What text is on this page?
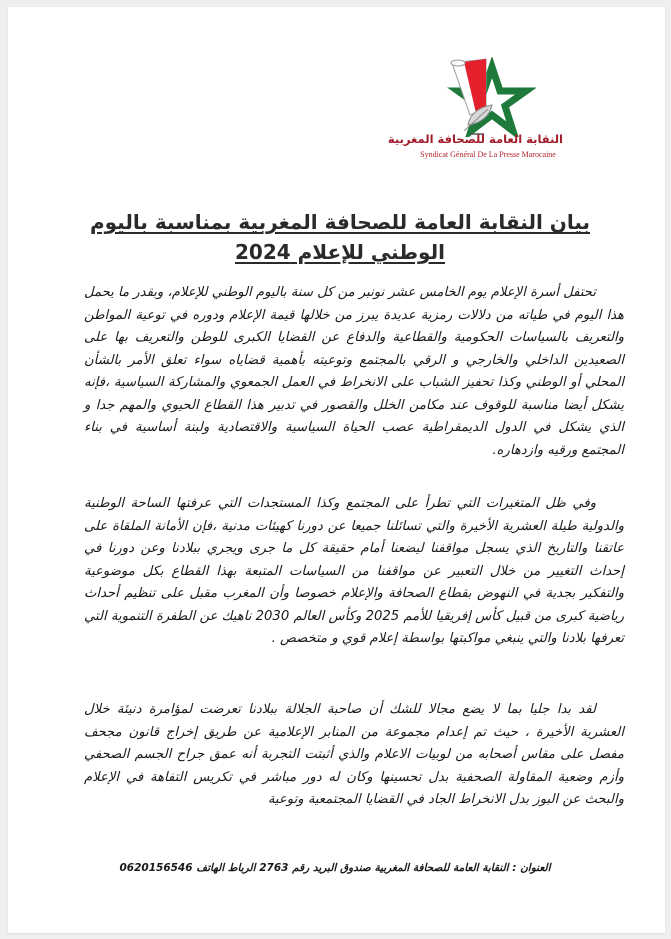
النقابة العامة للصحافة المغربية
Syndicat Général De La Presse Marocaine
بيان النقابة العامة للصحافة المغربية بمناسبة باليوم الوطني للإعلام 2024
تحتفل أسرة الإعلام يوم الخامس عشر نونبر من كل سنة باليوم الوطني للإعلام، وبقدر ما يحمل هذا اليوم في طياته من دلالات رمزية عديدة يبرز من خلالها قيمة الإعلام ودوره في توعية المواطن والتعريف بالسياسات الحكومية والقطاعية والدفاع عن القضايا الكبرى للوطن والتعريف بها على الصعيدين الداخلي والخارجي و الرقي بالمجتمع وتوعيته بأهمية قضاياه سواء تعلق الأمر بالشأن المحلي أو الوطني وكذا تحفيز الشباب على الانخراط في العمل الجمعوي والمشاركة السياسية ،فإنه يشكل أيضا مناسبة للوقوف عند مكامن الخلل والقصور في تدبير هذا القطاع الحيوي والمهم جدا و الذي يشكل في الدول الديمقراطية عصب الحياة السياسية والاقتصادية ولبنة أساسية في بناء المجتمع ورقيه وازدهاره.
وفي ظل المتغيرات التي تطرأ على المجتمع وكذا المستجدات التي عرفتها الساحة الوطنية والدولية طيلة العشرية الأخيرة والتي تسائلنا جميعا عن دورنا كهيئات مدنية ،فإن الأمانة الملقاة على عاتقنا والتاريخ الذي يسجل مواقفنا ليضعنا أمام حقيقة كل ما جرى ويجري ببلادنا وعن دورنا في إحداث التغيير من خلال التعبير عن مواقفنا من السياسات المتبعة بهذا القطاع بكل موضوعية والتفكير بجدية في النهوض بقطاع الصحافة والإعلام خصوصا وأن المغرب مقبل على تنظيم أحداث رياضية كبرى من قبيل كأس إفريقيا للأمم 2025 وكأس العالم 2030 ناهيك عن الطفرة التنموية التي تعرفها بلادنا والتي ينبغي مواكبتها بواسطة إعلام قوي و متخصص .
لقد بدا جليا بما لا يضع مجالا للشك أن صاحبة الجلالة ببلادنا تعرضت لمؤامرة دنيئة خلال العشرية الأخيرة ، حيث تم إعدام مجموعة من المنابر الإعلامية عن طريق إخراج قانون مجحف مفصل على مقاس أصحابه من لوبيات الاعلام والذي أثبتت التجربة أنه عمق جراح الجسم الصحفي وأزم وضعية المقاولة الصحفية بدل تحسينها وكان له دور مباشر في تكريس التفاهة في الإعلام والبحث عن البوز بدل الانخراط الجاد في القضايا المجتمعية وتوعية
العنوان : النقابة العامة للصحافة المغربية صندوق البريد رقم 2763 الرباط الهاتف 0620156546
